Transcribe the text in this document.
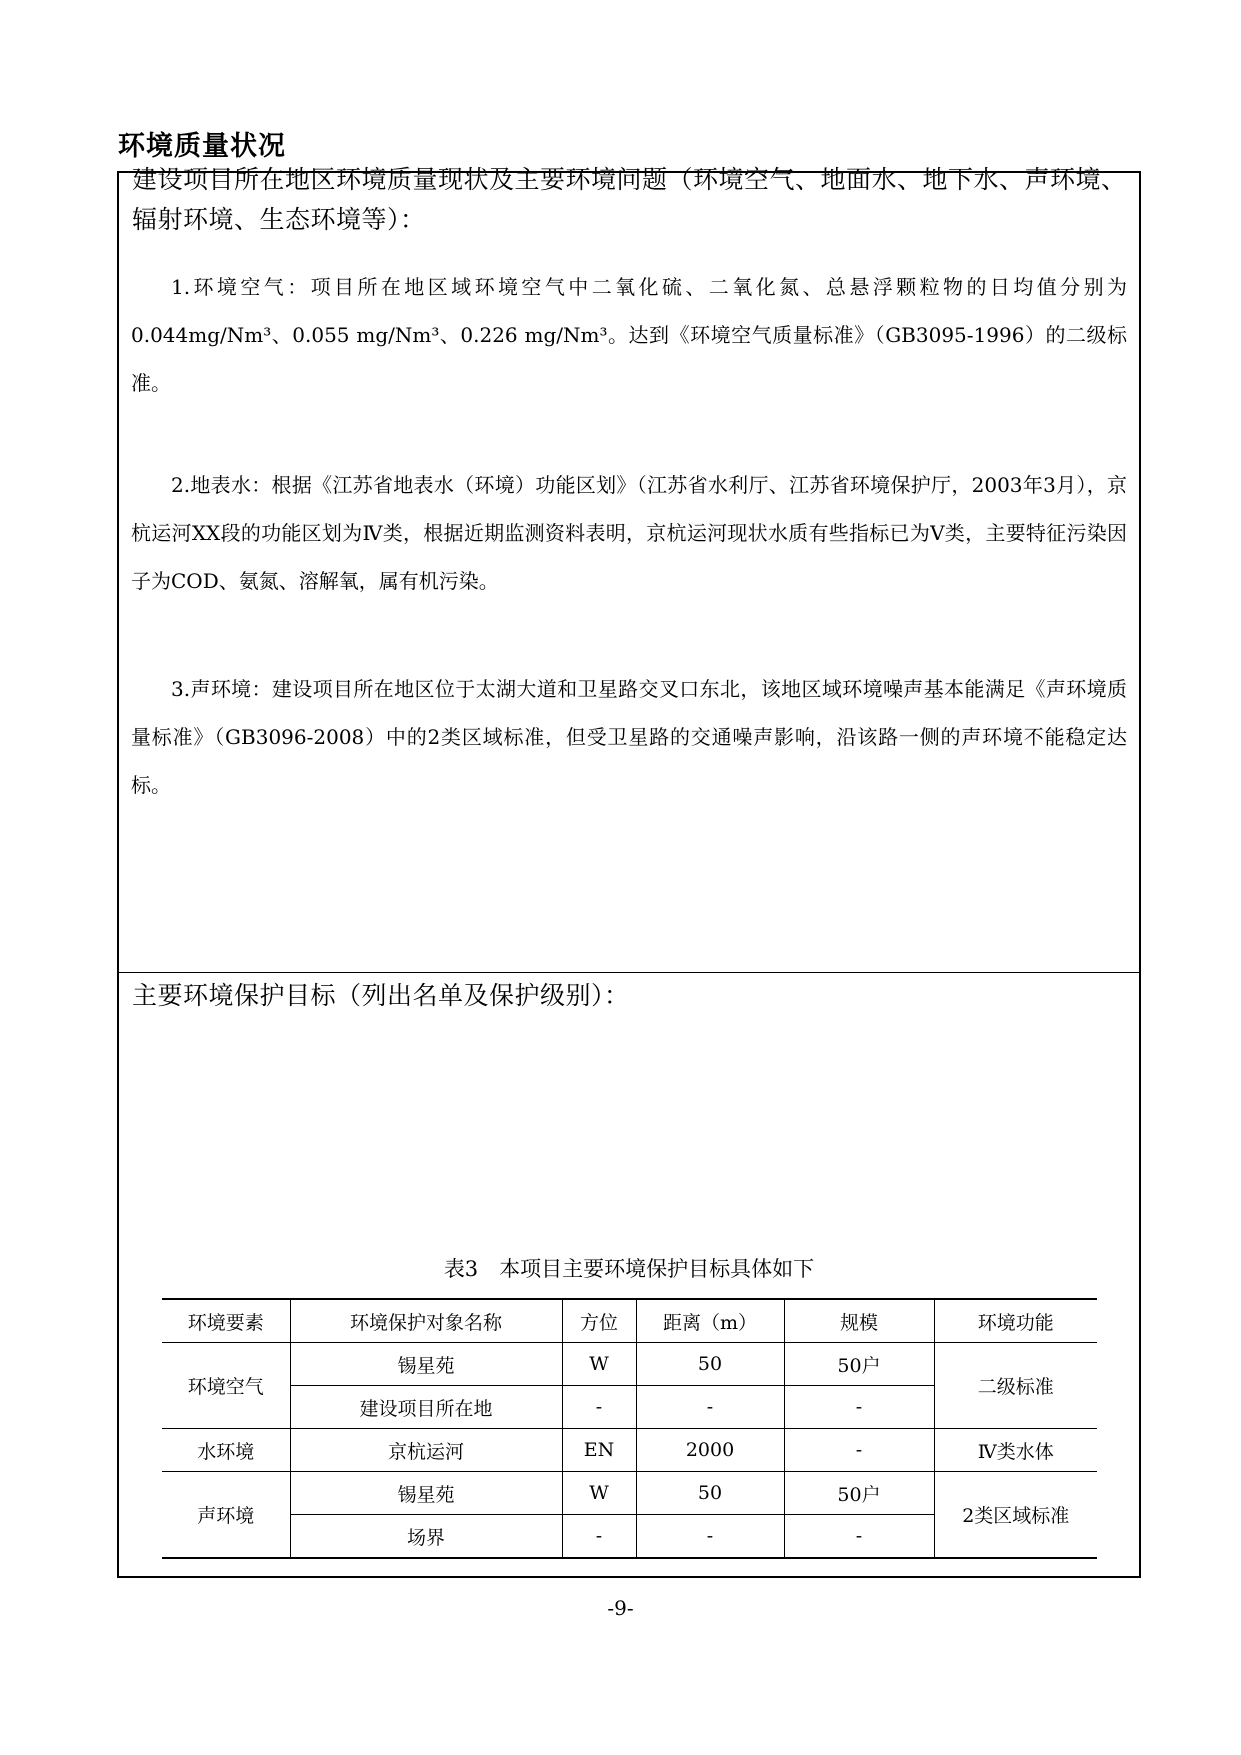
环境质量状况
建设项目所在地区环境质量现状及主要环境问题（环境空气、地面水、地下水、声环境、辐射环境、生态环境等）：
1.环境空气：项目所在地区域环境空气中二氧化硫、二氧化氮、总悬浮颗粒物的日均值分别为0.044mg/Nm³、0.055 mg/Nm³、0.226 mg/Nm³。达到《环境空气质量标准》（GB3095-1996）的二级标准。
2.地表水：根据《江苏省地表水（环境）功能区划》（江苏省水利厅、江苏省环境保护厅，2003年3月），京杭运河XX段的功能区划为Ⅳ类，根据近期监测资料表明，京杭运河现状水质有些指标已为Ⅴ类，主要特征污染因子为COD、氨氮、溶解氧，属有机污染。
3.声环境：建设项目所在地区位于太湖大道和卫星路交叉口东北，该地区域环境噪声基本能满足《声环境质量标准》（GB3096-2008）中的2类区域标准，但受卫星路的交通噪声影响，沿该路一侧的声环境不能稳定达标。
主要环境保护目标（列出名单及保护级别）：
表3　本项目主要环境保护目标具体如下
环境要素	环境保护对象名称	方位	距离（m）	规模	环境功能
环境空气	锡星苑	W	50	50户	二级标准
	建设项目所在地	-	-	-	
水环境	京杭运河	EN	2000	-	Ⅳ类水体
声环境	锡星苑	W	50	50户	2类区域标准
	场界	-	-	-	
-9-
